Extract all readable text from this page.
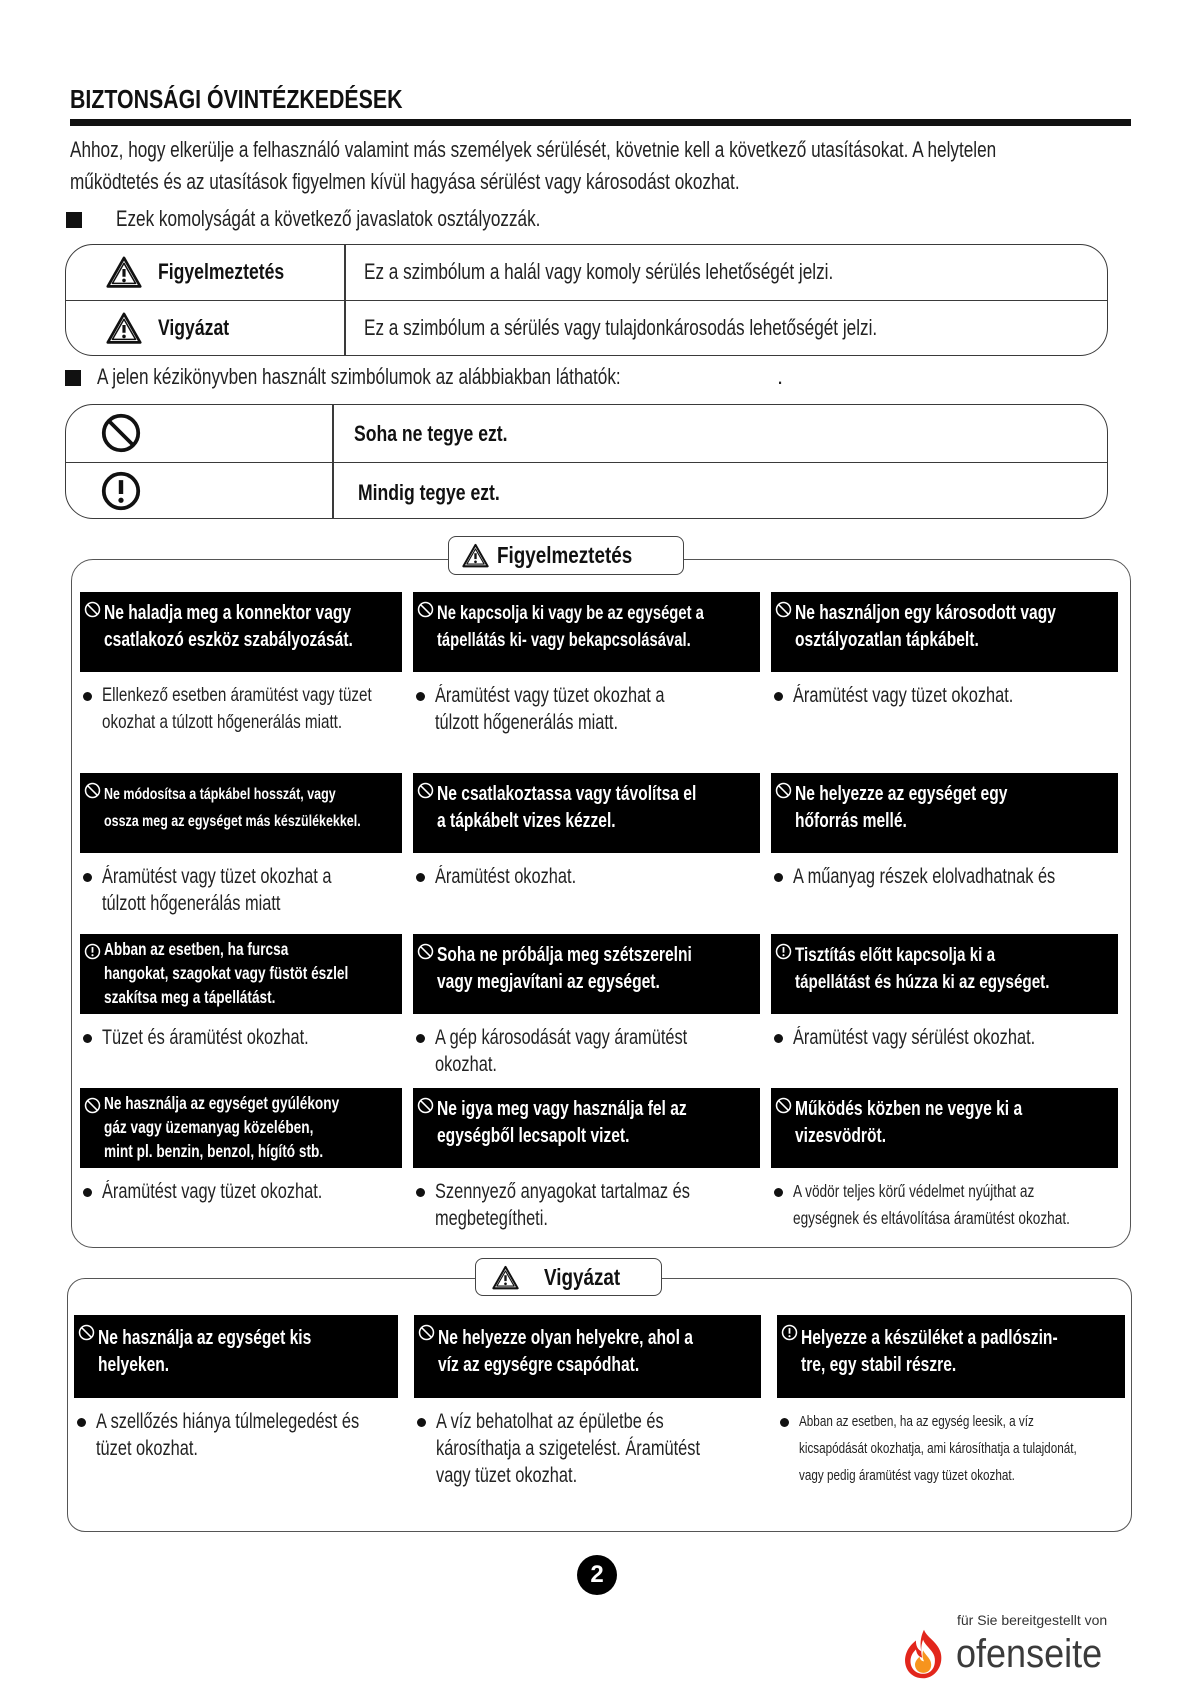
BIZTONSÁGI ÓVINTÉZKEDÉSEK
Ahhoz, hogy elkerülje a felhasználó valamint más személyek sérülését, követnie kell a következő utasításokat. A helytelen
működtetés és az utasítások figyelmen kívül hagyása sérülést vagy károsodást okozhat.
Ezek komolyságát a következő javaslatok osztályozzák.
Figyelmeztetés	Ez a szimbólum a halál vagy komoly sérülés lehetőségét jelzi.
Vigyázat	Ez a szimbólum a sérülés vagy tulajdonkárosodás lehetőségét jelzi.
A jelen kézikönyvben használt szimbólumok az alábbiakban láthatók:	.
Soha ne tegye ezt.
Mindig tegye ezt.
Figyelmeztetés
Ne haladja meg a konnektor vagy
csatlakozó eszköz szabályozását.
Ellenkező esetben áramütést vagy tüzet
okozhat a túlzott hőgenerálás miatt.
Ne kapcsolja ki vagy be az egységet a
tápellátás ki- vagy bekapcsolásával.
Áramütést vagy tüzet okozhat a
túlzott hőgenerálás miatt.
Ne használjon egy károsodott vagy
osztályozatlan tápkábelt.
Áramütést vagy tüzet okozhat.
Ne módosítsa a tápkábel hosszát, vagy
ossza meg az egységet más készülékekkel.
Áramütést vagy tüzet okozhat a
túlzott hőgenerálás miatt
Ne csatlakoztassa vagy távolítsa el
a tápkábelt vizes kézzel.
Áramütést okozhat.
Ne helyezze az egységet egy
hőforrás mellé.
A műanyag részek elolvadhatnak és
Abban az esetben, ha furcsa
hangokat, szagokat vagy füstöt észlel
szakítsa meg a tápellátást.
Tüzet és áramütést okozhat.
Soha ne próbálja meg szétszerelni
vagy megjavítani az egységet.
A gép károsodását vagy áramütést
okozhat.
Tisztítás előtt kapcsolja ki a
tápellátást és húzza ki az egységet.
Áramütést vagy sérülést okozhat.
Ne használja az egységet gyúlékony
gáz vagy üzemanyag közelében,
mint pl. benzin, benzol, hígító stb.
Áramütést vagy tüzet okozhat.
Ne igya meg vagy használja fel az
egységből lecsapolt vizet.
Szennyező anyagokat tartalmaz és
megbetegítheti.
Működés közben ne vegye ki a
vizesvödröt.
A vödör teljes körű védelmet nyújthat az
egységnek és eltávolítása áramütést okozhat.
Vigyázat
Ne használja az egységet kis
helyeken.
A szellőzés hiánya túlmelegedést és
tüzet okozhat.
Ne helyezze olyan helyekre, ahol a
víz az egységre csapódhat.
A víz behatolhat az épületbe és
károsíthatja a szigetelést. Áramütést
vagy tüzet okozhat.
Helyezze a készüléket a padlószin-
tre, egy stabil részre.
Abban az esetben, ha az egység leesik, a víz
kicsapódását okozhatja, ami károsíthatja a tulajdonát,
vagy pedig áramütést vagy tüzet okozhat.
2
für Sie bereitgestellt von
ofenseite
